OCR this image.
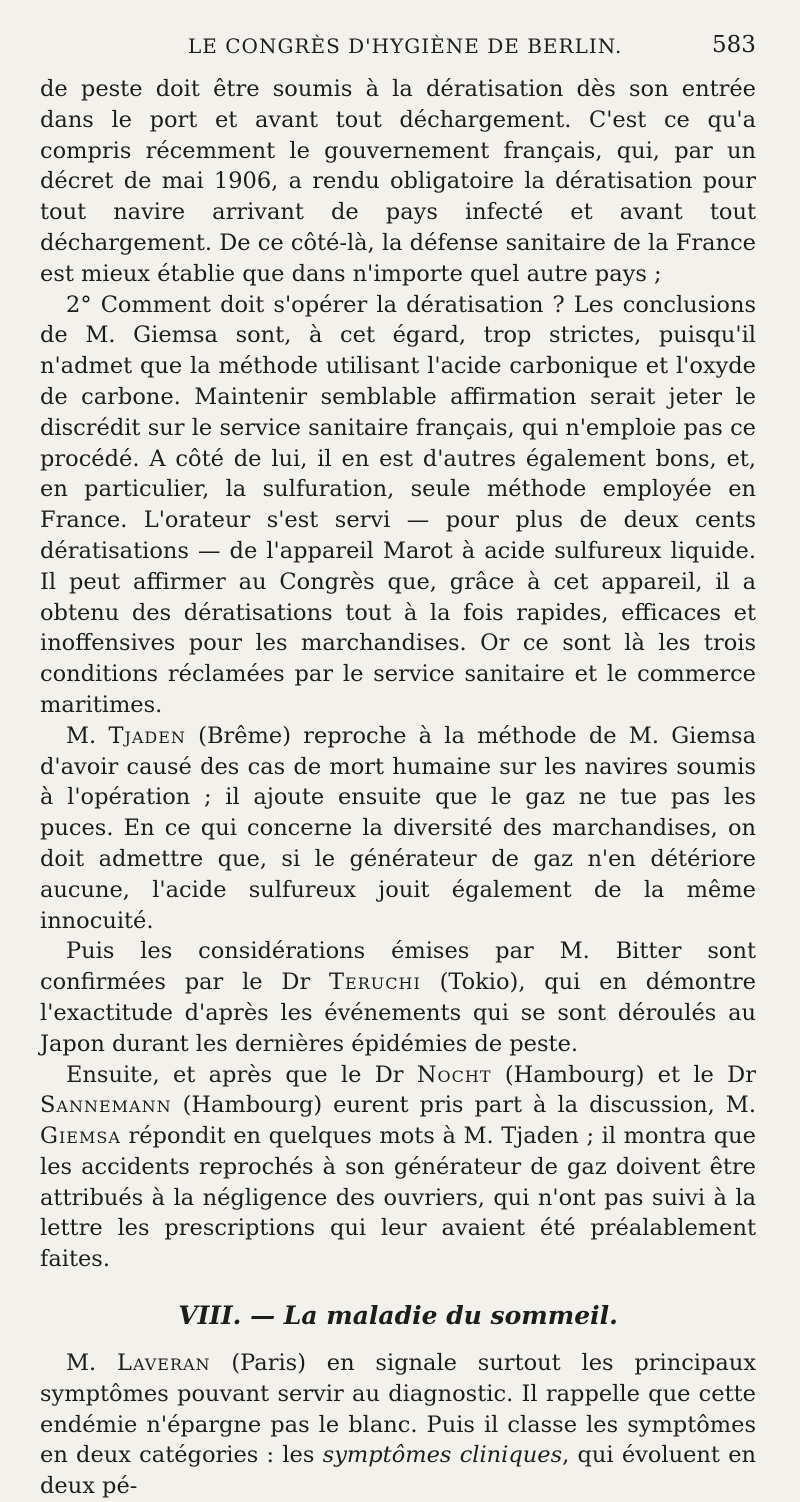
LE CONGRÈS D'HYGIÈNE DE BERLIN.	583

de peste doit être soumis à la dératisation dès son entrée dans le port et avant tout déchargement. C'est ce qu'a compris récemment le gouvernement français, qui, par un décret de mai 1906, a rendu obligatoire la dératisation pour tout navire arrivant de pays infecté et avant tout déchargement. De ce côté-là, la défense sanitaire de la France est mieux établie que dans n'importe quel autre pays ;

2° Comment doit s'opérer la dératisation ? Les conclusions de M. Giemsa sont, à cet égard, trop strictes, puisqu'il n'admet que la méthode utilisant l'acide carbonique et l'oxyde de carbone. Maintenir semblable affirmation serait jeter le discrédit sur le service sanitaire français, qui n'emploie pas ce procédé. A côté de lui, il en est d'autres également bons, et, en particulier, la sulfuration, seule méthode employée en France. L'orateur s'est servi — pour plus de deux cents dératisations — de l'appareil Marot à acide sulfureux liquide. Il peut affirmer au Congrès que, grâce à cet appareil, il a obtenu des dératisations tout à la fois rapides, efficaces et inoffensives pour les marchandises. Or ce sont là les trois conditions réclamées par le service sanitaire et le commerce maritimes.

M. Tjaden (Brême) reproche à la méthode de M. Giemsa d'avoir causé des cas de mort humaine sur les navires soumis à l'opération ; il ajoute ensuite que le gaz ne tue pas les puces. En ce qui concerne la diversité des marchandises, on doit admettre que, si le générateur de gaz n'en détériore aucune, l'acide sulfureux jouit également de la même innocuité.

Puis les considérations émises par M. Bitter sont confirmées par le Dr Teruchi (Tokio), qui en démontre l'exactitude d'après les événements qui se sont déroulés au Japon durant les dernières épidémies de peste.

Ensuite, et après que le Dr Nocht (Hambourg) et le Dr Sannemann (Hambourg) eurent pris part à la discussion, M. Giemsa répondit en quelques mots à M. Tjaden ; il montra que les accidents reprochés à son générateur de gaz doivent être attribués à la négligence des ouvriers, qui n'ont pas suivi à la lettre les prescriptions qui leur avaient été préalablement faites.

VIII. — La maladie du sommeil.

M. Laveran (Paris) en signale surtout les principaux symptômes pouvant servir au diagnostic. Il rappelle que cette endémie n'épargne pas le blanc. Puis il classe les symptômes en deux catégories : les symptômes cliniques, qui évoluent en deux pé-
